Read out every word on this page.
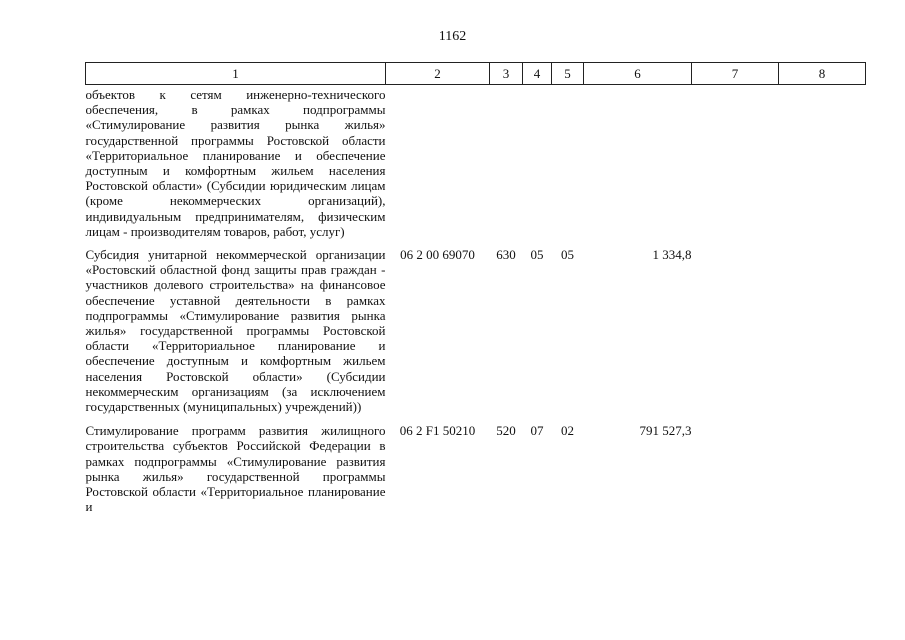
1162
1	2	3	4	5	6	7	8
объектов к сетям инженерно-технического обеспечения, в рамках подпрограммы «Стимулирование развития рынка жилья» государственной программы Ростовской области «Территориальное планирование и обеспечение доступным и комфортным жильем населения Ростовской области» (Субсидии юридическим лицам (кроме некоммерческих организаций), индивидуальным предпринимателям, физическим лицам - производителям товаров, работ, услуг)							
Субсидия унитарной некоммерческой организации «Ростовский областной фонд защиты прав граждан - участников долевого строительства» на финансовое обеспечение уставной деятельности в рамках подпрограммы «Стимулирование развития рынка жилья» государственной программы Ростовской области «Территориальное планирование и обеспечение доступным и комфортным жильем населения Ростовской области» (Субсидии некоммерческим организациям (за исключением государственных (муниципальных) учреждений))	06 2 00 69070	630	05	05	1 334,8		
Стимулирование программ развития жилищного строительства субъектов Российской Федерации в рамках подпрограммы «Стимулирование развития рынка жилья» государственной программы Ростовской области «Территориальное планирование и	06 2 F1 50210	520	07	02	791 527,3		
